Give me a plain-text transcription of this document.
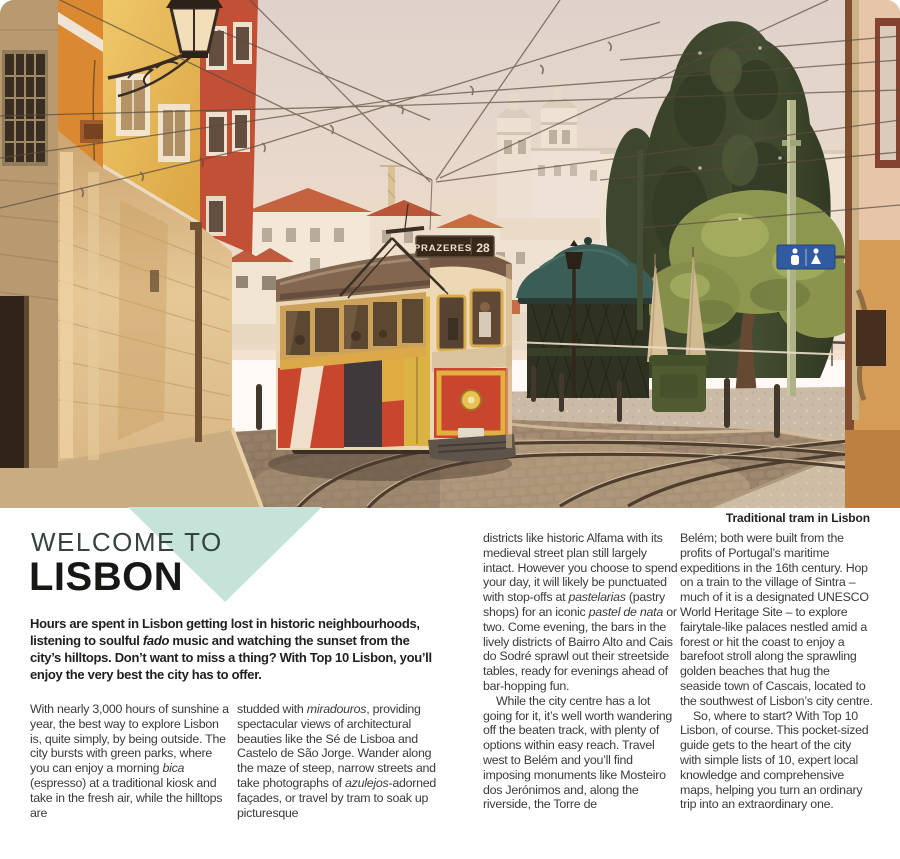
PRAZERES 28
Traditional tram in Lisbon
WELCOME TO
LISBON
Hours are spent in Lisbon getting lost in historic neighbourhoods, listening to soulful fado music and watching the sunset from the city’s hilltops. Don’t want to miss a thing? With Top 10 Lisbon, you’ll enjoy the very best the city has to offer.

With nearly 3,000 hours of sunshine a year, the best way to explore Lisbon is, quite simply, by being outside. The city bursts with green parks, where you can enjoy a morning bica (espresso) at a traditional kiosk and take in the fresh air, while the hilltops are

studded with miradouros, providing spectacular views of architectural beauties like the Sé de Lisboa and Castelo de São Jorge. Wander along the maze of steep, narrow streets and take photographs of azulejos-adorned façades, or travel by tram to soak up picturesque

districts like historic Alfama with its medieval street plan still largely intact. However you choose to spend your day, it will likely be punctuated with stop-offs at pastelarias (pastry shops) for an iconic pastel de nata or two. Come evening, the bars in the lively districts of Bairro Alto and Cais do Sodré sprawl out their streetside tables, ready for evenings ahead of bar-hopping fun.

While the city centre has a lot going for it, it’s well worth wandering off the beaten track, with plenty of options within easy reach. Travel west to Belém and you’ll find imposing monuments like Mosteiro dos Jerónimos and, along the riverside, the Torre de

Belém; both were built from the profits of Portugal’s maritime expeditions in the 16th century. Hop on a train to the village of Sintra – much of it is a designated UNESCO World Heritage Site – to explore fairytale-like palaces nestled amid a forest or hit the coast to enjoy a barefoot stroll along the sprawling golden beaches that hug the seaside town of Cascais, located to the southwest of Lisbon’s city centre.

So, where to start? With Top 10 Lisbon, of course. This pocket-sized guide gets to the heart of the city with simple lists of 10, expert local knowledge and comprehensive maps, helping you turn an ordinary trip into an extraordinary one.
